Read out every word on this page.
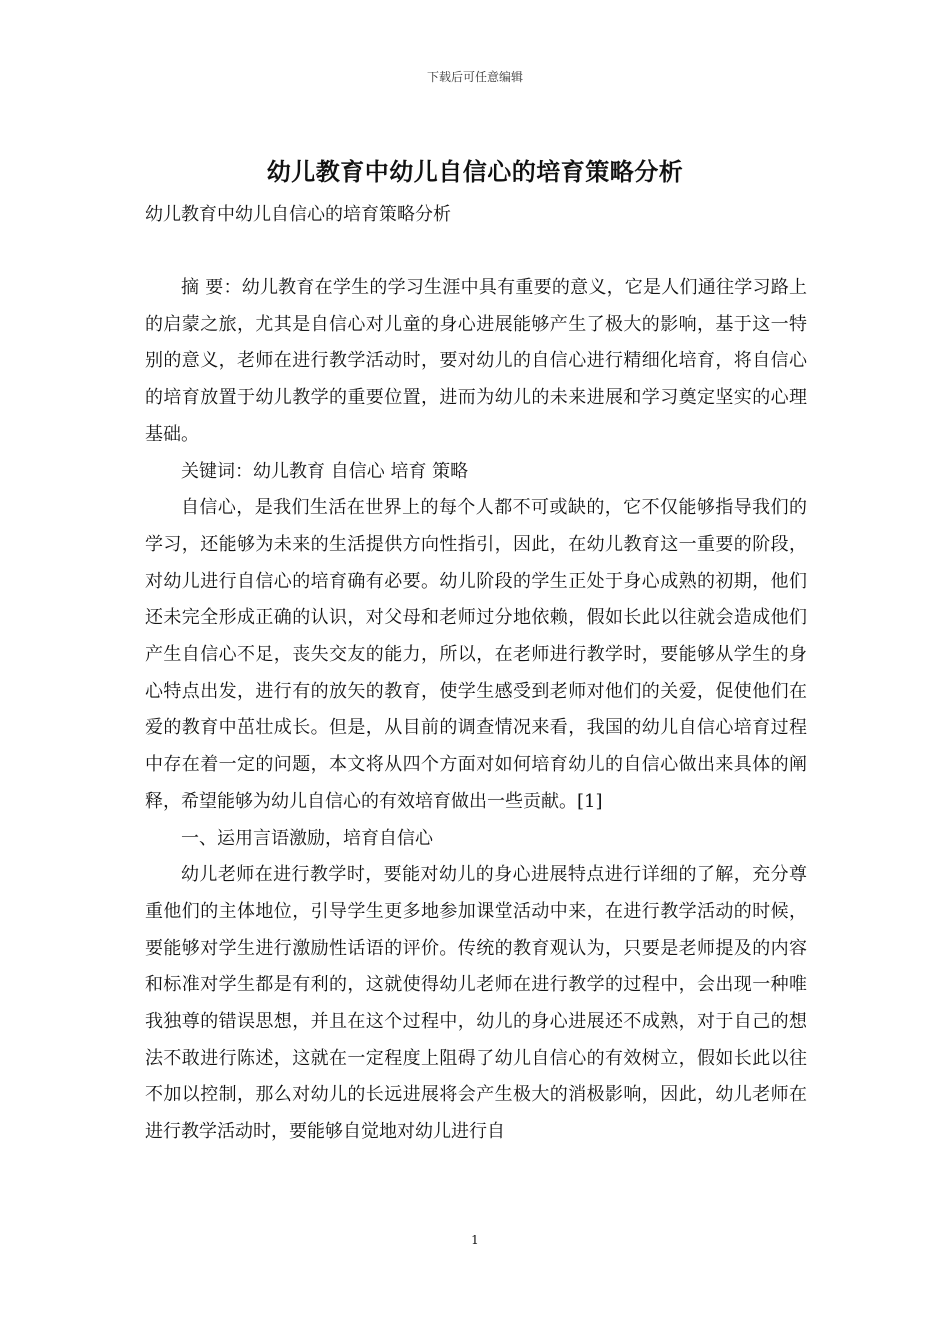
下载后可任意编辑
幼儿教育中幼儿自信心的培育策略分析
幼儿教育中幼儿自信心的培育策略分析

摘 要：幼儿教育在学生的学习生涯中具有重要的意义，它是人们通往学习路上的启蒙之旅，尤其是自信心对儿童的身心进展能够产生了极大的影响，基于这一特别的意义，老师在进行教学活动时，要对幼儿的自信心进行精细化培育，将自信心的培育放置于幼儿教学的重要位置，进而为幼儿的未来进展和学习奠定坚实的心理基础。

关键词：幼儿教育 自信心 培育 策略

自信心，是我们生活在世界上的每个人都不可或缺的，它不仅能够指导我们的学习，还能够为未来的生活提供方向性指引，因此，在幼儿教育这一重要的阶段，对幼儿进行自信心的培育确有必要。幼儿阶段的学生正处于身心成熟的初期，他们还未完全形成正确的认识，对父母和老师过分地依赖，假如长此以往就会造成他们产生自信心不足，丧失交友的能力，所以，在老师进行教学时，要能够从学生的身心特点出发，进行有的放矢的教育，使学生感受到老师对他们的关爱，促使他们在爱的教育中茁壮成长。但是，从目前的调查情况来看，我国的幼儿自信心培育过程中存在着一定的问题，本文将从四个方面对如何培育幼儿的自信心做出来具体的阐释，希望能够为幼儿自信心的有效培育做出一些贡献。[1]

一、运用言语激励，培育自信心

幼儿老师在进行教学时，要能对幼儿的身心进展特点进行详细的了解，充分尊重他们的主体地位，引导学生更多地参加课堂活动中来，在进行教学活动的时候，要能够对学生进行激励性话语的评价。传统的教育观认为，只要是老师提及的内容和标准对学生都是有利的，这就使得幼儿老师在进行教学的过程中，会出现一种唯我独尊的错误思想，并且在这个过程中，幼儿的身心进展还不成熟，对于自己的想法不敢进行陈述，这就在一定程度上阻碍了幼儿自信心的有效树立，假如长此以往不加以控制，那么对幼儿的长远进展将会产生极大的消极影响，因此，幼儿老师在进行教学活动时，要能够自觉地对幼儿进行自

1
